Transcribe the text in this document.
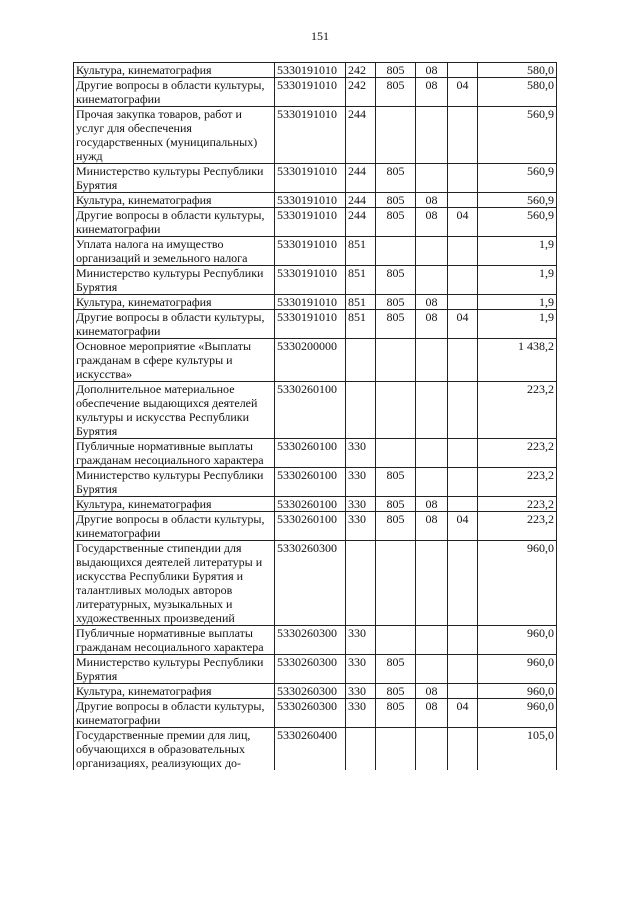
151
Культура, кинематография	5330191010	242	805	08		580,0
Другие вопросы в области культуры, кинематографии	5330191010	242	805	08	04	580,0
Прочая закупка товаров, работ и услуг для обеспечения государственных (муниципальных) нужд	5330191010	244				560,9
Министерство культуры Республики Бурятия	5330191010	244	805			560,9
Культура, кинематография	5330191010	244	805	08		560,9
Другие вопросы в области культуры, кинематографии	5330191010	244	805	08	04	560,9
Уплата налога на имущество организаций и земельного налога	5330191010	851				1,9
Министерство культуры Республики Бурятия	5330191010	851	805			1,9
Культура, кинематография	5330191010	851	805	08		1,9
Другие вопросы в области культуры, кинематографии	5330191010	851	805	08	04	1,9
Основное мероприятие «Выплаты гражданам в сфере культуры и искусства»	5330200000					1 438,2
Дополнительное материальное обеспечение выдающихся деятелей культуры и искусства Республики Бурятия	5330260100					223,2
Публичные нормативные выплаты гражданам несоциального характера	5330260100	330				223,2
Министерство культуры Республики Бурятия	5330260100	330	805			223,2
Культура, кинематография	5330260100	330	805	08		223,2
Другие вопросы в области культуры, кинематографии	5330260100	330	805	08	04	223,2
Государственные стипендии для выдающихся деятелей литературы и искусства Республики Бурятия и талантливых молодых авторов литературных, музыкальных и художественных произведений	5330260300					960,0
Публичные нормативные выплаты гражданам несоциального характера	5330260300	330				960,0
Министерство культуры Республики Бурятия	5330260300	330	805			960,0
Культура, кинематография	5330260300	330	805	08		960,0
Другие вопросы в области культуры, кинематографии	5330260300	330	805	08	04	960,0
Государственные премии для лиц, обучающихся в образовательных организациях, реализующих до-	5330260400					105,0
